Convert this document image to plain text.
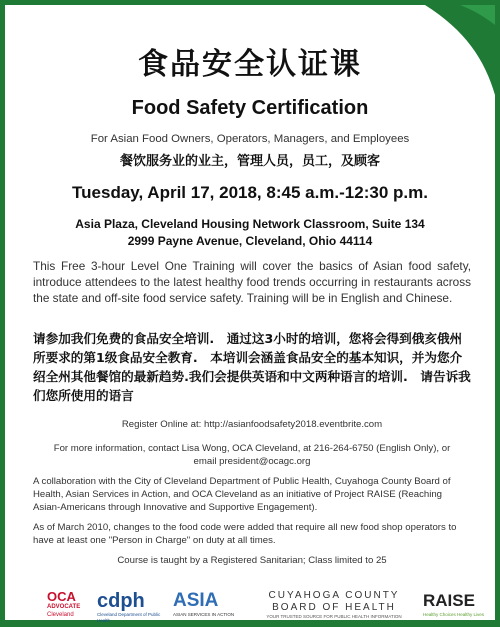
食品安全认证课
Food Safety Certification
For Asian Food Owners, Operators, Managers, and Employees
餐饮服务业的业主，管理人员，员工，及顾客
Tuesday, April 17, 2018, 8:45 a.m.-12:30 p.m.
Asia Plaza, Cleveland Housing Network Classroom, Suite 134
2999 Payne Avenue, Cleveland, Ohio 44114
This Free 3-hour Level One Training will cover the basics of Asian food safety, introduce attendees to the latest healthy food trends occurring in restaurants across the state and off-site food service safety. Training will be in English and Chinese.
请参加我们免费的食品安全培训.　通过这3小时的培训，您将会得到俄亥俄州所要求的第1级食品安全教育.　本培训会涵盖食品安全的基本知识，并为您介绍全州其他餐馆的最新趋势.我们会提供英语和中文两种语言的培训.　请告诉我们您所使用的语言
Register Online at: http://asianfoodsafety2018.eventbrite.com
For more information, contact Lisa Wong, OCA Cleveland, at 216-264-6750 (English Only), or
email president@ocagc.org
A collaboration with the City of Cleveland Department of Public Health, Cuyahoga County Board of Health, Asian Services in Action, and OCA Cleveland as an initiative of Project RAISE (Reaching Asian-Americans through Innovative and Supportive Engagement).
As of March 2010, changes to the food code were added that require all new food shop operators to have at least one "Person in Charge" on duty at all times.
Course is taught by a Registered Sanitarian; Class limited to 25
OCA
ADVOCATE
Cleveland
cdph
Cleveland Department of Public Health
ASIA
ASIAN SERVICES IN ACTION
CUYAHOGA COUNTY
BOARD OF HEALTH
YOUR TRUSTED SOURCE FOR PUBLIC HEALTH INFORMATION
RAISE
Healthy Choices Healthy Lives
